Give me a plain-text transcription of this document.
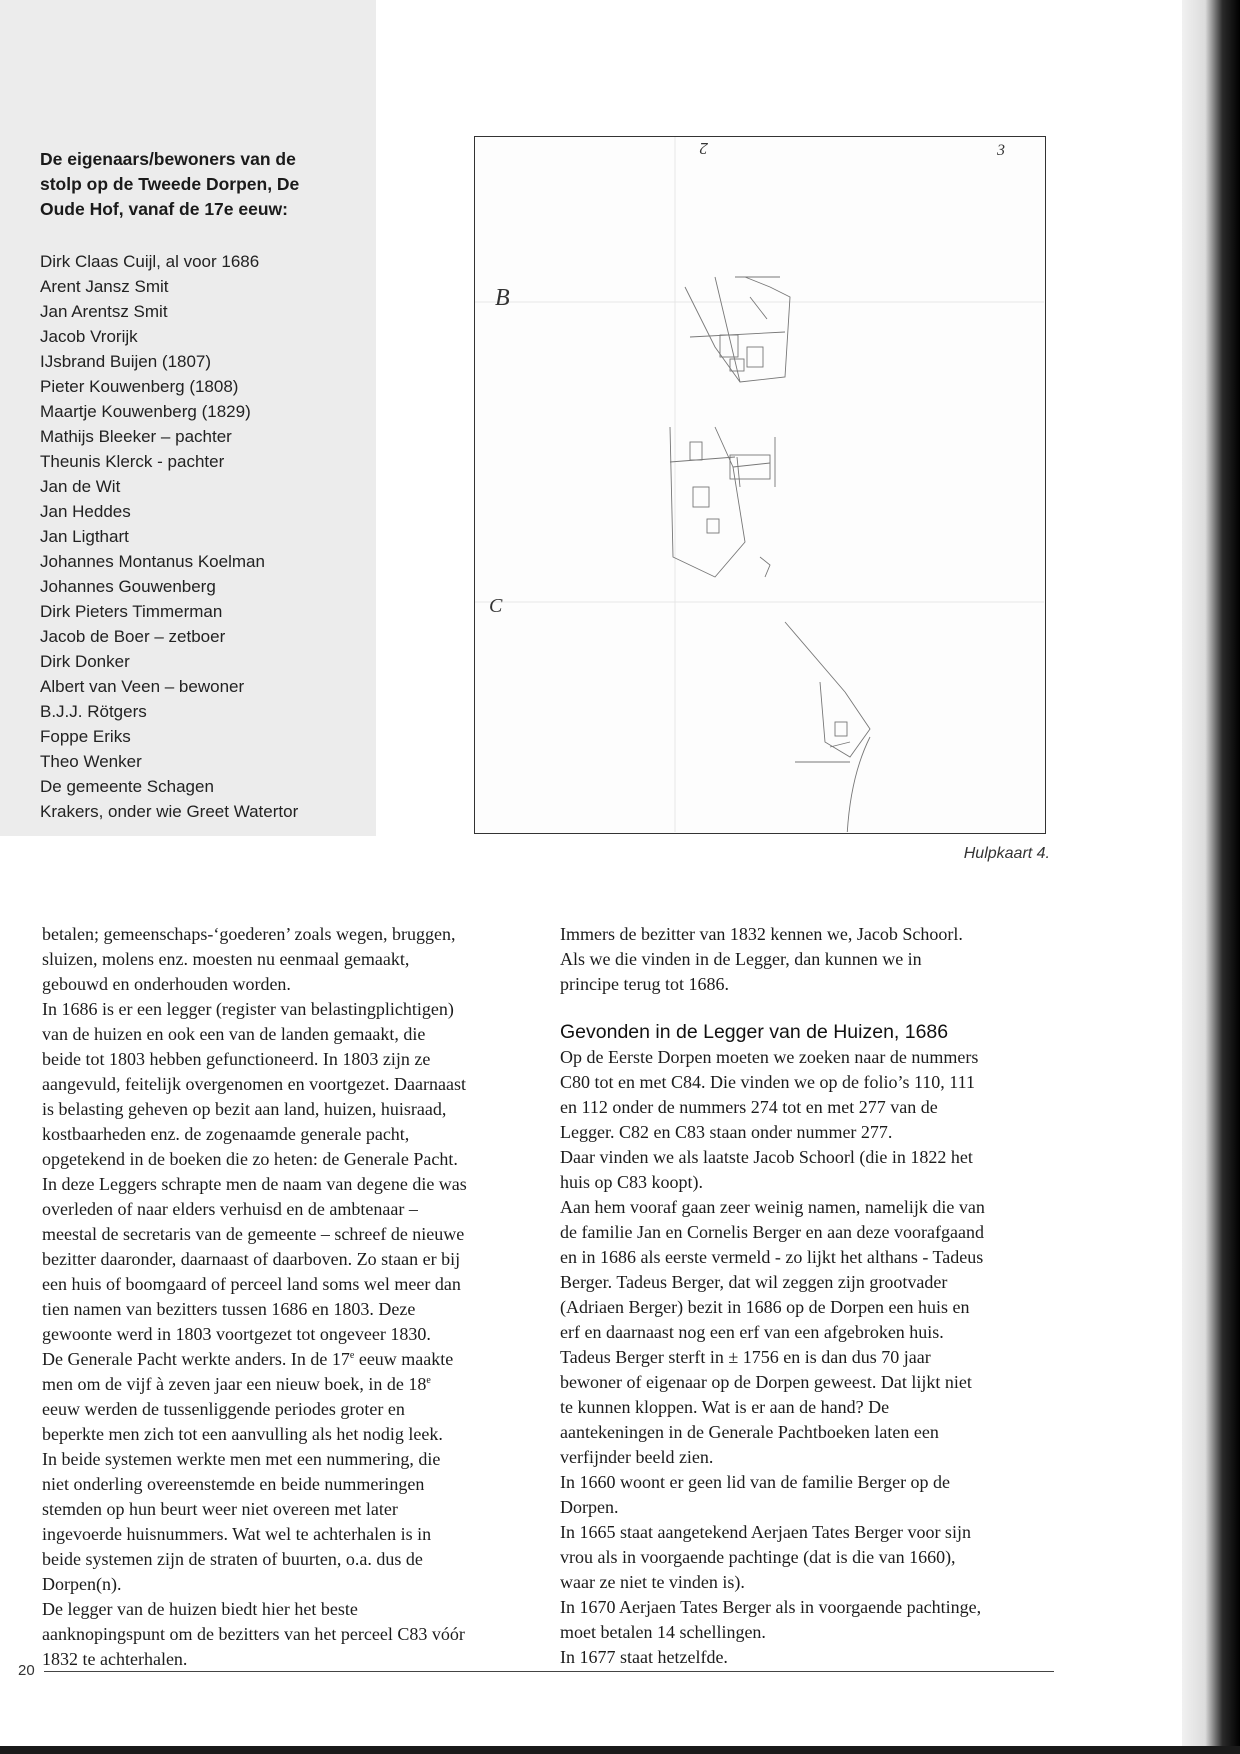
De eigenaars/bewoners van de stolp op de Tweede Dorpen, De Oude Hof, vanaf de 17e eeuw:
Dirk Claas Cuijl, al voor 1686
Arent Jansz Smit
Jan Arentsz Smit
Jacob Vrorijk
IJsbrand Buijen (1807)
Pieter Kouwenberg (1808)
Maartje Kouwenberg (1829)
Mathijs Bleeker – pachter
Theunis Klerck - pachter
Jan de Wit
Jan Heddes
Jan Ligthart
Johannes Montanus Koelman
Johannes Gouwenberg
Dirk Pieters Timmerman
Jacob de Boer – zetboer
Dirk Donker
Albert van Veen – bewoner
B.J.J. Rötgers
Foppe Eriks
Theo Wenker
De gemeente Schagen
Krakers, onder wie Greet Watertor
2	3
B
C
Hulpkaart 4.

betalen; gemeenschaps-‘goederen’ zoals wegen, bruggen, sluizen, molens enz. moesten nu eenmaal gemaakt, gebouwd en onderhouden worden.

In 1686 is er een legger (register van belastingplichtigen) van de huizen en ook een van de landen gemaakt, die beide tot 1803 hebben gefunctioneerd. In 1803 zijn ze aangevuld, feitelijk overgenomen en voortgezet. Daarnaast is belasting geheven op bezit aan land, huizen, huisraad, kostbaarheden enz. de zogenaamde generale pacht, opgetekend in de boeken die zo heten: de Generale Pacht.

In deze Leggers schrapte men de naam van degene die was overleden of naar elders verhuisd en de ambtenaar – meestal de secretaris van de gemeente – schreef de nieuwe bezitter daaronder, daarnaast of daarboven. Zo staan er bij een huis of boomgaard of perceel land soms wel meer dan tien namen van bezitters tussen 1686 en 1803. Deze gewoonte werd in 1803 voortgezet tot ongeveer 1830.

De Generale Pacht werkte anders. In de 17e eeuw maakte men om de vijf à zeven jaar een nieuw boek, in de 18e eeuw werden de tussenliggende periodes groter en beperkte men zich tot een aanvulling als het nodig leek.

In beide systemen werkte men met een nummering, die niet onderling overeenstemde en beide nummeringen stemden op hun beurt weer niet overeen met later ingevoerde huisnummers. Wat wel te achterhalen is in beide systemen zijn de straten of buurten, o.a. dus de Dorpen(n).

De legger van de huizen biedt hier het beste aanknopingspunt om de bezitters van het perceel C83 vóór 1832 te achterhalen.

Immers de bezitter van 1832 kennen we, Jacob Schoorl. Als we die vinden in de Legger, dan kunnen we in principe terug tot 1686.

Gevonden in de Legger van de Huizen, 1686

Op de Eerste Dorpen moeten we zoeken naar de nummers C80 tot en met C84. Die vinden we op de folio’s 110, 111 en 112 onder de nummers 274 tot en met 277 van de Legger. C82 en C83 staan onder nummer 277.

Daar vinden we als laatste Jacob Schoorl (die in 1822 het huis op C83 koopt).

Aan hem vooraf gaan zeer weinig namen, namelijk die van de familie Jan en Cornelis Berger en aan deze voorafgaand en in 1686 als eerste vermeld - zo lijkt het althans - Tadeus Berger. Tadeus Berger, dat wil zeggen zijn grootvader (Adriaen Berger) bezit in 1686 op de Dorpen een huis en erf en daarnaast nog een erf van een afgebroken huis. Tadeus Berger sterft in ± 1756 en is dan dus 70 jaar bewoner of eigenaar op de Dorpen geweest. Dat lijkt niet te kunnen kloppen. Wat is er aan de hand? De aantekeningen in de Generale Pachtboeken laten een verfijnder beeld zien.

In 1660 woont er geen lid van de familie Berger op de Dorpen.

In 1665 staat aangetekend Aerjaen Tates Berger voor sijn vrou als in voorgaende pachtinge (dat is die van 1660), waar ze niet te vinden is).

In 1670 Aerjaen Tates Berger als in voorgaende pachtinge, moet betalen 14 schellingen.

In 1677 staat hetzelfde.

20
